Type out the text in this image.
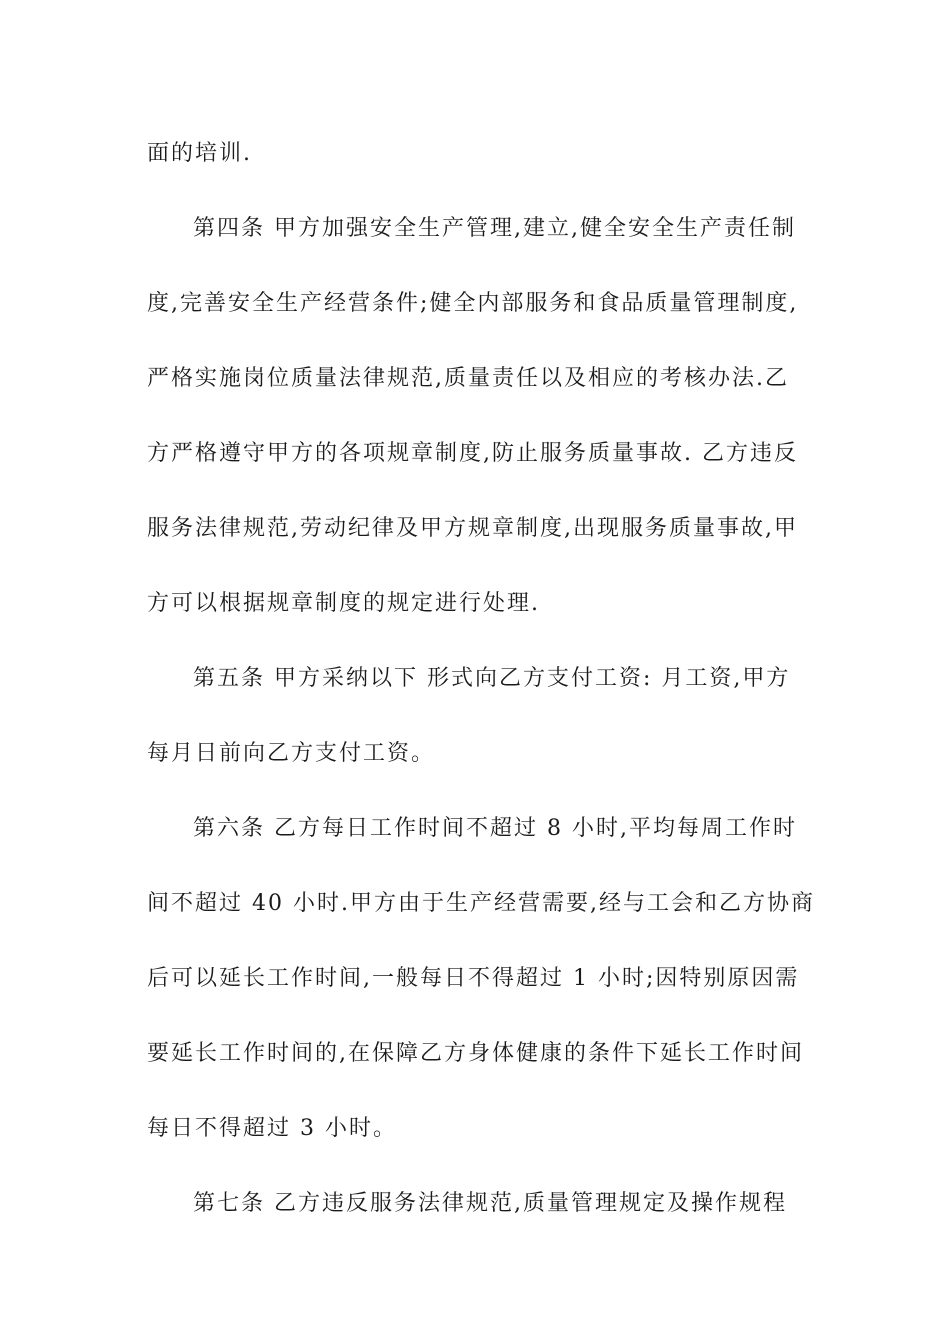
面的培训.
第四条 甲方加强安全生产管理,建立,健全安全生产责任制
度,完善安全生产经营条件;健全内部服务和食品质量管理制度,
严格实施岗位质量法律规范,质量责任以及相应的考核办法.乙
方严格遵守甲方的各项规章制度,防止服务质量事故. 乙方违反
服务法律规范,劳动纪律及甲方规章制度,出现服务质量事故,甲
方可以根据规章制度的规定进行处理.
第五条 甲方采纳以下 形式向乙方支付工资: 月工资,甲方
每月日前向乙方支付工资。
第六条 乙方每日工作时间不超过 8 小时,平均每周工作时
间不超过 40 小时.甲方由于生产经营需要,经与工会和乙方协商
后可以延长工作时间,一般每日不得超过 1 小时;因特别原因需
要延长工作时间的,在保障乙方身体健康的条件下延长工作时间
每日不得超过 3 小时。
第七条 乙方违反服务法律规范,质量管理规定及操作规程
